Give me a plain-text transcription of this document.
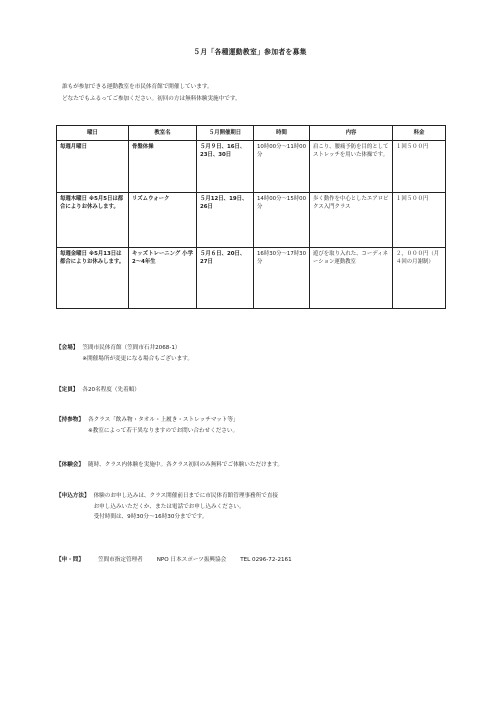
５月「各種運動教室」参加者を募集

誰もが参加できる運動教室を市民体育館で開催しています。

どなたでもふるってご参加ください。初回の方は無料体験実施中です。

曜日	教室名	５月開催期日	時間	内容	料金
毎週月曜日	骨盤体操	５月９日、16日、23日、30日	10時00分～11時00分	肩こり、腰痛予防を目的としてストレッチを用いた体操です。	１回５００円
毎週木曜日 ※5月5日は都合によりお休みします。	リズムウォーク	５月12日、19日、26日	14時00分～15時00分	歩く動作を中心としたエアロビクス入門クラス	１回５００円
毎週金曜日 ※5月13日は都合によりお休みします。	キッズトレーニング 小学2～4年生	５月６日、20日、27日	16時30分～17時30分	遊びを取り入れた、コーディネーション運動教室	２，０００円（月４回の月謝制）
【会場】 笠間市民体育館（笠間市石井2068-1）

※開催場所が変更になる場合もございます。

【定員】 各20名程度（先着順）

【持参物】 各クラス「飲み物・タオル・上履き・ストレッチマット等」

※教室によって若干異なりますのでお問い合わせください。

【体験会】 随時、クラス内体験を実施中。各クラス初回のみ無料でご体験いただけます。

【申込方法】 体験のお申し込みは、クラス開催前日までに市民体育館管理事務所で直接

お申し込みいただくか、または電話でお申し込みください。

受付時間は、9時30分～16時30分までです。

【申・問】	笠間市指定管理者	NPO 日本スポーツ振興協会	TEL 0296-72-2161
